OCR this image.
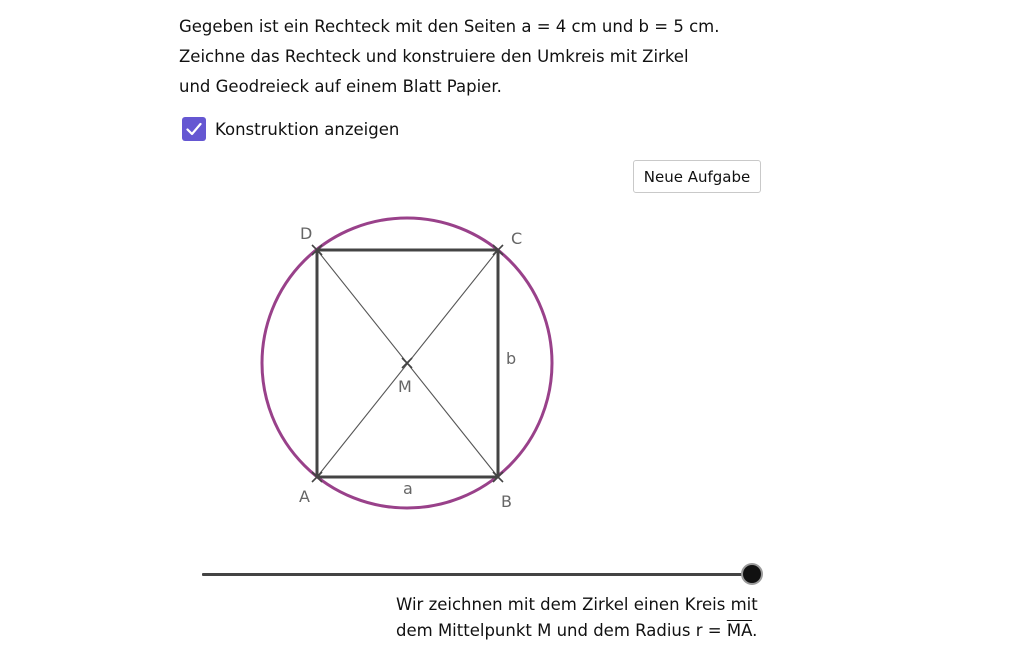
Gegeben ist ein Rechteck mit den Seiten a = 4 cm und b = 5 cm.

Zeichne das Rechteck und konstruiere den Umkreis mit Zirkel

und Geodreieck auf einem Blatt Papier.

Konstruktion anzeigen
Neue Aufgabe
A	B
C
D
M
a
b

Wir zeichnen mit dem Zirkel einen Kreis mit

dem Mittelpunkt M und dem Radius $r = \overline{MA}$.
